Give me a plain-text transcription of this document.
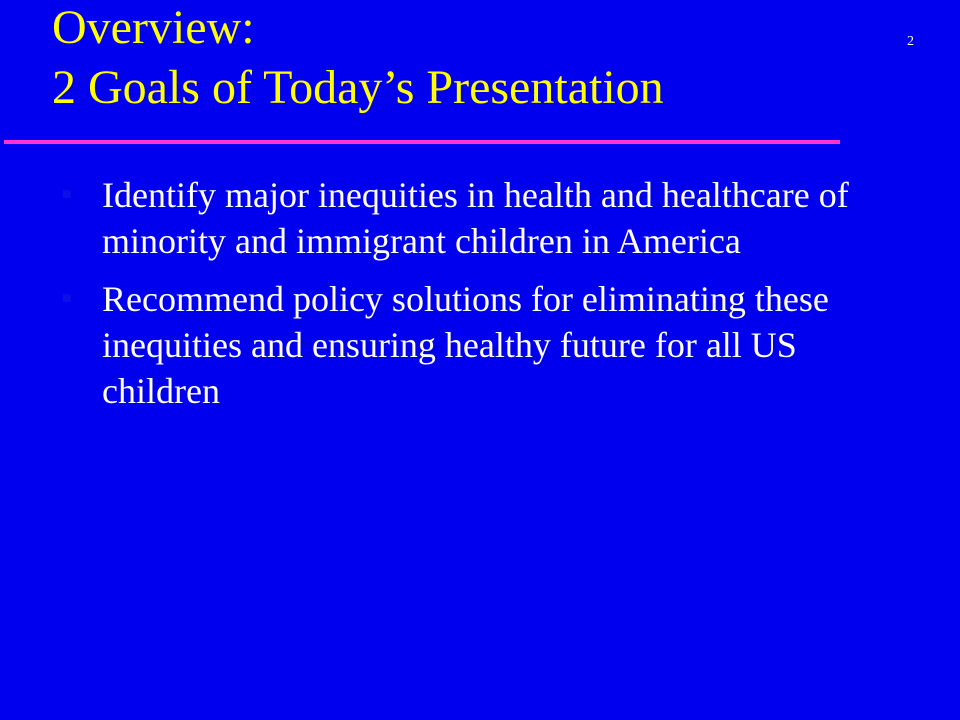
Overview:
2 Goals of Today’s Presentation
2
■ Identify major inequities in health and healthcare of minority and immigrant children in America
■ Recommend policy solutions for eliminating these inequities and ensuring healthy future for all US children
